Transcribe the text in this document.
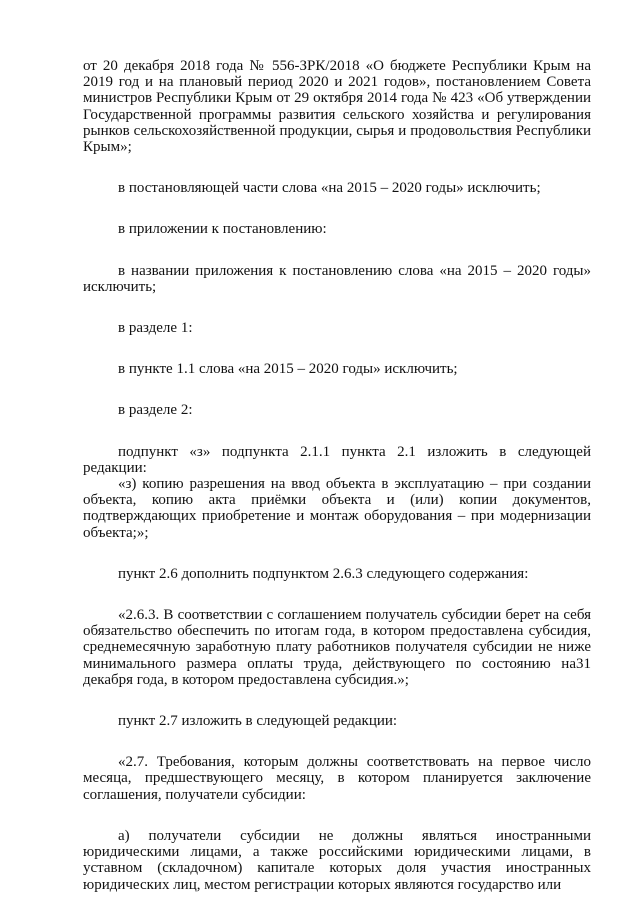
от 20 декабря 2018 года № 556-ЗРК/2018 «О бюджете Республики Крым на 2019 год и на плановый период 2020 и 2021 годов», постановлением Совета министров Республики Крым от 29 октября 2014 года № 423 «Об утверждении Государственной программы развития сельского хозяйства и регулирования рынков сельскохозяйственной продукции, сырья и продовольствия Республики Крым»;

в постановляющей части слова «на 2015 – 2020 годы» исключить;

в приложении к постановлению:

в названии приложения к постановлению слова «на 2015 – 2020 годы» исключить;

в разделе 1:

в пункте 1.1 слова «на 2015 – 2020 годы» исключить;

в разделе 2:

подпункт «з» подпункта 2.1.1 пункта 2.1 изложить в следующей редакции:

«з) копию разрешения на ввод объекта в эксплуатацию – при создании объекта, копию акта приёмки объекта и (или) копии документов, подтверждающих приобретение и монтаж оборудования – при модернизации объекта;»;

пункт 2.6 дополнить подпунктом 2.6.3 следующего содержания:

«2.6.3. В соответствии с соглашением получатель субсидии берет на себя обязательство обеспечить по итогам года, в котором предоставлена субсидия, среднемесячную заработную плату работников получателя субсидии не ниже минимального размера оплаты труда, действующего по состоянию на31 декабря года, в котором предоставлена субсидия.»;

пункт 2.7 изложить в следующей редакции:

«2.7. Требования, которым должны соответствовать на первое число месяца, предшествующего месяцу, в котором планируется заключение соглашения, получатели субсидии:

а) получатели субсидии не должны являться иностранными юридическими лицами, а также российскими юридическими лицами, в уставном (складочном) капитале которых доля участия иностранных юридических лиц, местом регистрации которых являются государство или
